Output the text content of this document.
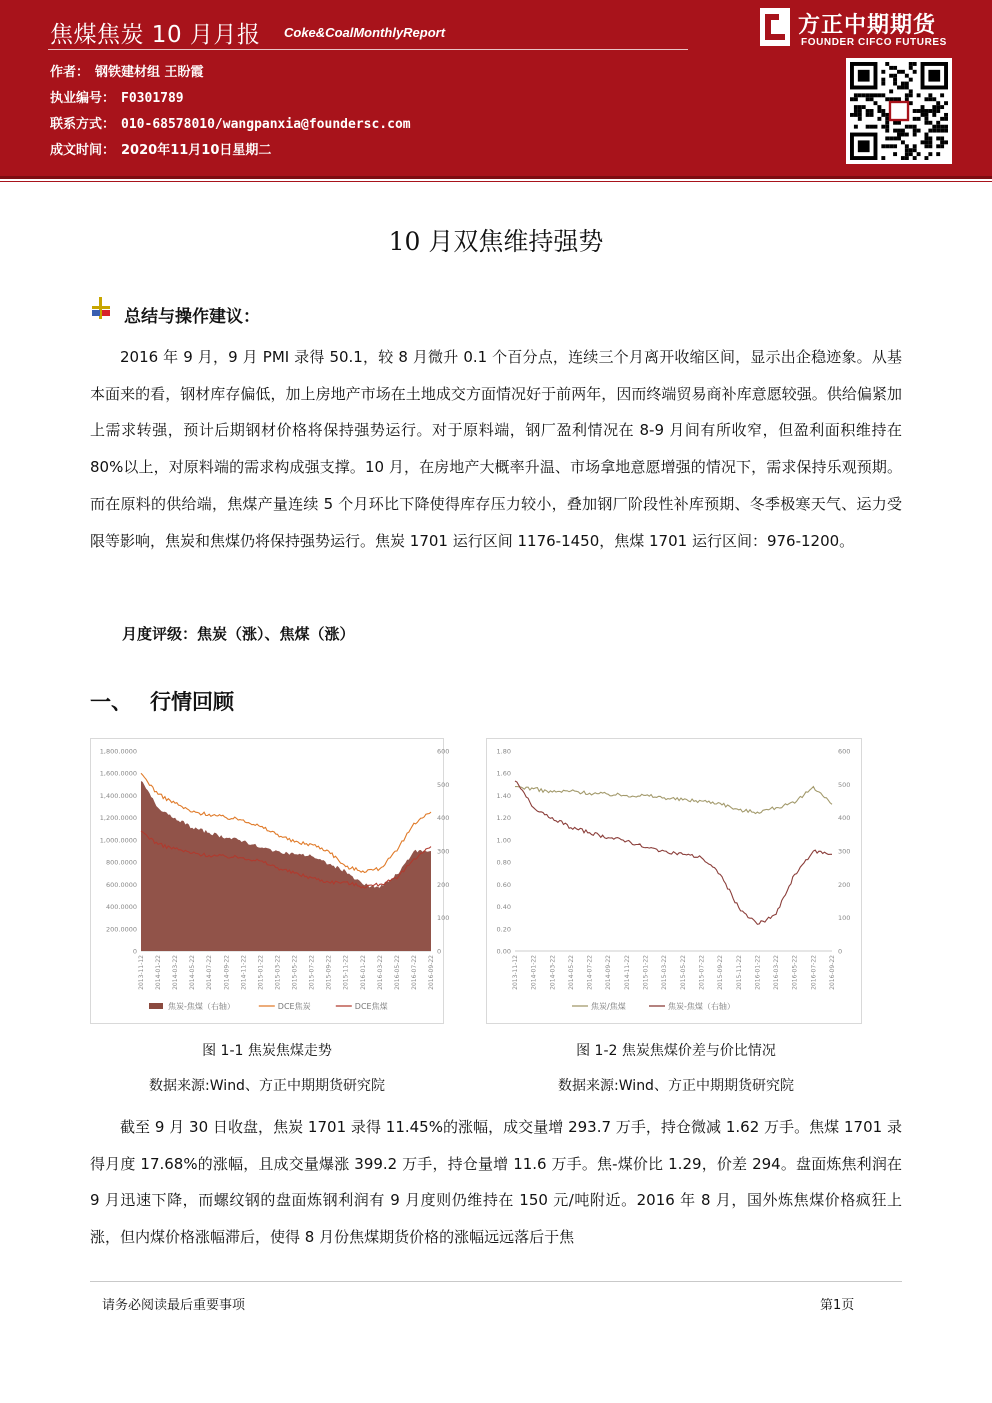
焦煤焦炭 10 月月报 Coke&CoalMonthlyReport
作者： 钢铁建材组 王盼霞
执业编号： F0301789
联系方式： 010-68578010/wangpanxia@foundersc.com
成文时间： 2020年11月10日星期二
方正中期期货
FOUNDER CIFCO FUTURES
10 月双焦维持强势
总结与操作建议：

2016 年 9 月，9 月 PMI 录得 50.1，较 8 月微升 0.1 个百分点，连续三个月离开收缩区间，显示出企稳迹象。从基本面来的看，钢材库存偏低，加上房地产市场在土地成交方面情况好于前两年，因而终端贸易商补库意愿较强。供给偏紧加上需求转强，预计后期钢材价格将保持强势运行。对于原料端，钢厂盈利情况在 8-9 月间有所收窄，但盈利面积维持在 80%以上，对原料端的需求构成强支撑。10 月，在房地产大概率升温、市场拿地意愿增强的情况下，需求保持乐观预期。而在原料的供给端，焦煤产量连续 5 个月环比下降使得库存压力较小，叠加钢厂阶段性补库预期、冬季极寒天气、运力受限等影响，焦炭和焦煤仍将保持强势运行。焦炭 1701 运行区间 1176-1450，焦煤 1701 运行区间：976-1200。

月度评级：焦炭（涨）、焦煤（涨）
一、 行情回顾
0
200.0000
400.0000
600.0000
800.0000
1,000.0000
1,200.0000
1,400.0000
1,600.0000
1,800.0000
0
100
200
300
400
500
600
2013-11-12 2014-01-22 2014-03-22 2014-05-22 2014-07-22 2014-09-22 2014-11-22 2015-01-22 2015-03-22 2015-05-22 2015-07-22 2015-09-22 2015-11-22 2016-01-22 2016-03-22 2016-05-22 2016-07-22 2016-09-22
焦炭-焦煤（右轴）	DCE焦炭	DCE焦煤
0.00
0.20
0.40
0.60
0.80
1.00
1.20
1.40
1.60
1.80
0
100
200
300
400
500
600
2013-11-12 2014-01-22 2014-03-22 2014-05-22 2014-07-22 2014-09-22 2014-11-22 2015-01-22 2015-03-22 2015-05-22 2015-07-22 2015-09-22 2015-11-22 2016-01-22 2016-03-22 2016-05-22 2016-07-22 2016-09-22
焦炭/焦煤	焦炭-焦煤（右轴）
图 1-1 焦炭焦煤走势
数据来源:Wind、方正中期期货研究院
图 1-2 焦炭焦煤价差与价比情况
数据来源:Wind、方正中期期货研究院

截至 9 月 30 日收盘，焦炭 1701 录得 11.45%的涨幅，成交量增 293.7 万手，持仓微减 1.62 万手。焦煤 1701 录得月度 17.68%的涨幅，且成交量爆涨 399.2 万手，持仓量增 11.6 万手。焦-煤价比 1.29，价差 294。盘面炼焦利润在 9 月迅速下降，而螺纹钢的盘面炼钢利润有 9 月度则仍维持在 150 元/吨附近。2016 年 8 月，国外炼焦煤价格疯狂上涨，但内煤价格涨幅滞后，使得 8 月份焦煤期货价格的涨幅远远落后于焦

请务必阅读最后重要事项	第1页
